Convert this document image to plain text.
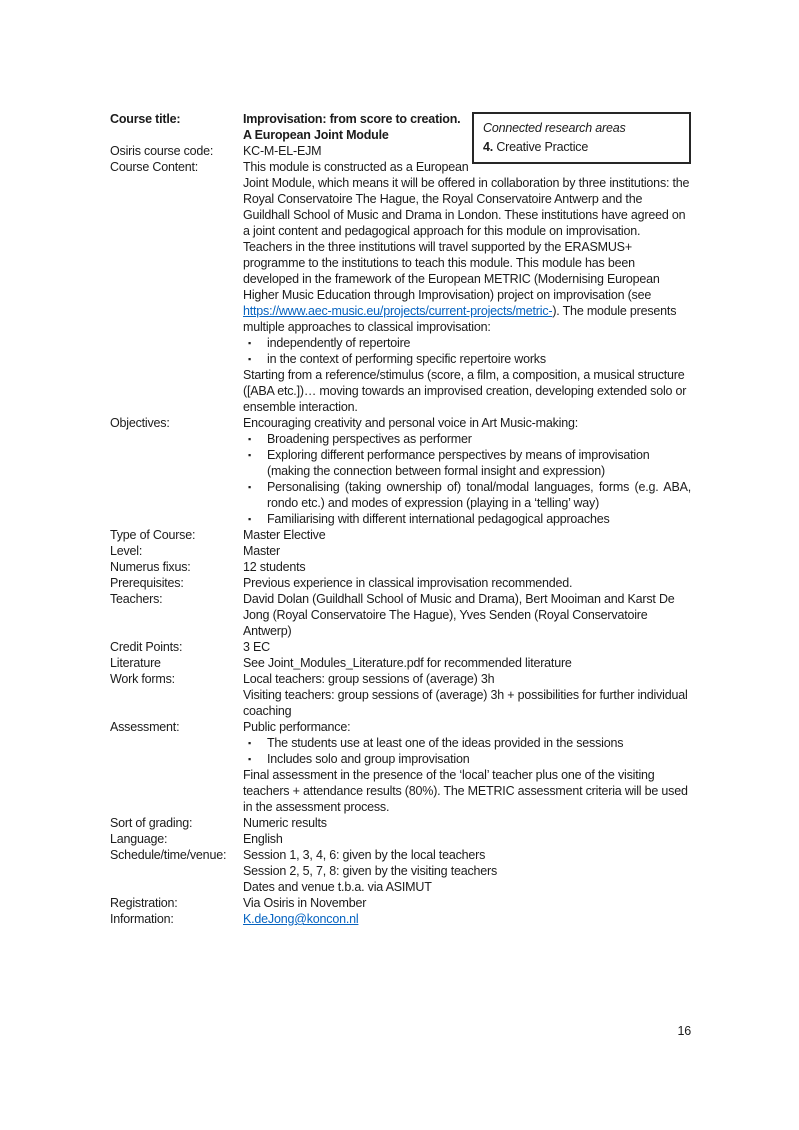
Connected research areas
4. Creative Practice
Course title:	Improvisation: from score to creation.
A European Joint Module
Osiris course code:	KC-M-EL-EJM
Course Content:	This module is constructed as a European
Joint Module, which means it will be offered in collaboration by three institutions: the Royal Conservatoire The Hague, the Royal Conservatoire Antwerp and the Guildhall School of Music and Drama in London. These institutions have agreed on a joint content and pedagogical approach for this module on improvisation. Teachers in the three institutions will travel supported by the ERASMUS+ programme to the institutions to teach this module. This module has been developed in the framework of the European METRIC (Modernising European Higher Music Education through Improvisation) project on improvisation (see https://www.aec-music.eu/projects/current-projects/metric-). The module presents multiple approaches to classical improvisation:
▪ independently of repertoire
▪ in the context of performing specific repertoire works
Starting from a reference/stimulus (score, a film, a composition, a musical structure ([ABA etc.])… moving towards an improvised creation, developing extended solo or ensemble interaction.
Objectives:	Encouraging creativity and personal voice in Art Music-making:
▪ Broadening perspectives as performer
▪ Exploring different performance perspectives by means of improvisation (making the connection between formal insight and expression)
▪ Personalising (taking ownership of) tonal/modal languages, forms (e.g. ABA, rondo etc.) and modes of expression (playing in a ‘telling’ way)
▪ Familiarising with different international pedagogical approaches
Type of Course:	Master Elective
Level:	Master
Numerus fixus:	12 students
Prerequisites:	Previous experience in classical improvisation recommended.
Teachers:	David Dolan (Guildhall School of Music and Drama), Bert Mooiman and Karst De Jong (Royal Conservatoire The Hague), Yves Senden (Royal Conservatoire Antwerp)
Credit Points:	3 EC
Literature	See Joint_Modules_Literature.pdf for recommended literature
Work forms:	Local teachers: group sessions of (average) 3h
Visiting teachers: group sessions of (average) 3h + possibilities for further individual coaching
Assessment:	Public performance:
▪ The students use at least one of the ideas provided in the sessions
▪ Includes solo and group improvisation
Final assessment in the presence of the ‘local’ teacher plus one of the visiting teachers + attendance results (80%). The METRIC assessment criteria will be used in the assessment process.
Sort of grading:	Numeric results
Language:	English
Schedule/time/venue:	Session 1, 3, 4, 6: given by the local teachers
Session 2, 5, 7, 8: given by the visiting teachers
Dates and venue t.b.a. via ASIMUT
Registration:	Via Osiris in November
Information:	K.deJong@koncon.nl
16
